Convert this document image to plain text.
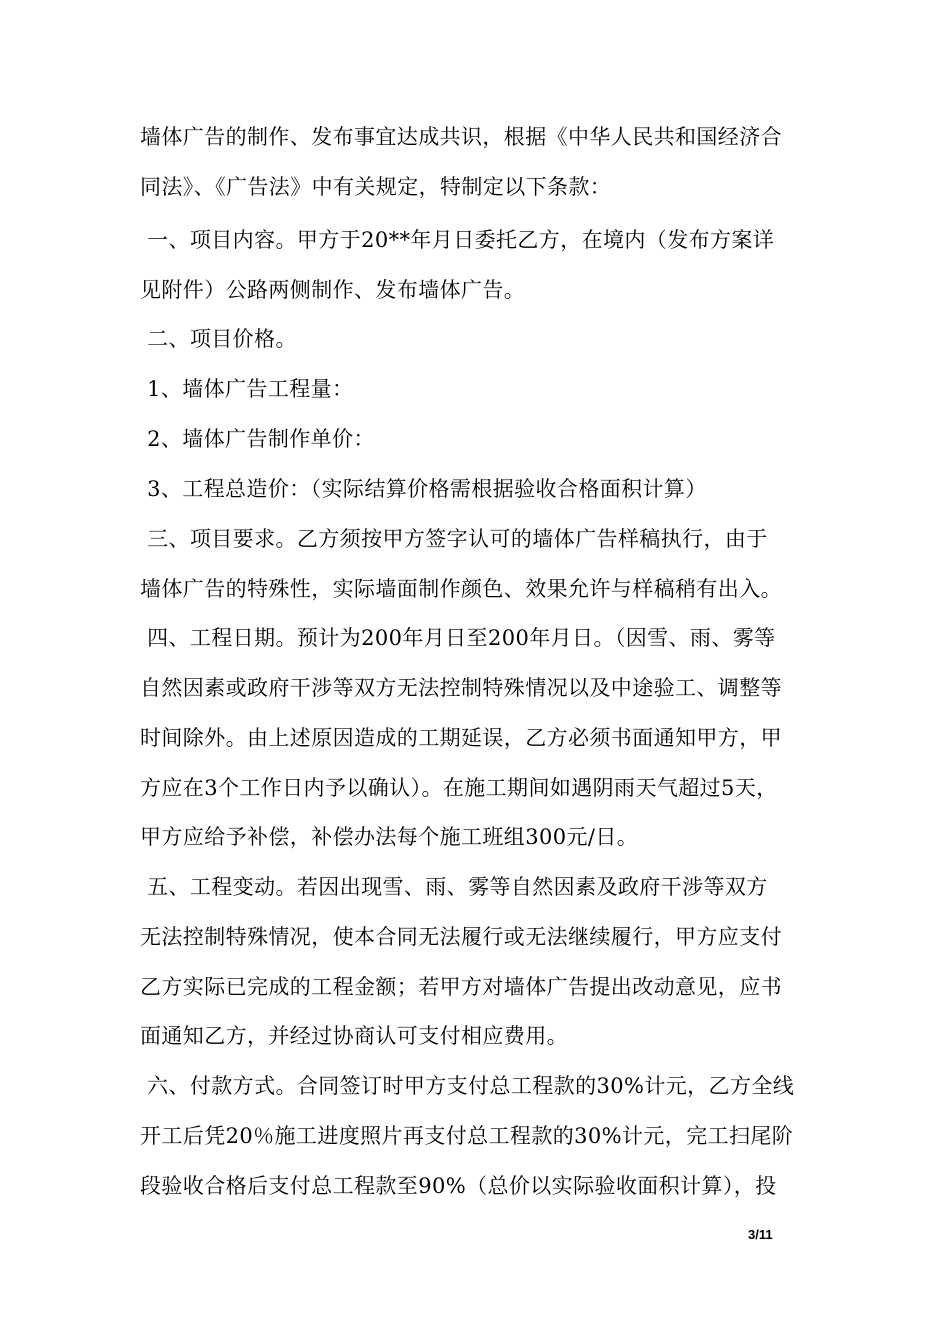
墙体广告的制作、发布事宜达成共识，根据《中华人民共和国经济合
同法》、《广告法》中有关规定，特制定以下条款：
一、项目内容。甲方于20**年月日委托乙方，在境内（发布方案详
见附件）公路两侧制作、发布墙体广告。
二、项目价格。
1、墙体广告工程量：
2、墙体广告制作单价：
3、工程总造价：（实际结算价格需根据验收合格面积计算）
三、项目要求。乙方须按甲方签字认可的墙体广告样稿执行，由于
墙体广告的特殊性，实际墙面制作颜色、效果允许与样稿稍有出入。
四、工程日期。预计为200年月日至200年月日。（因雪、雨、雾等
自然因素或政府干涉等双方无法控制特殊情况以及中途验工、调整等
时间除外。由上述原因造成的工期延误，乙方必须书面通知甲方，甲
方应在3个工作日内予以确认）。在施工期间如遇阴雨天气超过5天，
甲方应给予补偿，补偿办法每个施工班组300元/日。
五、工程变动。若因出现雪、雨、雾等自然因素及政府干涉等双方
无法控制特殊情况，使本合同无法履行或无法继续履行，甲方应支付
乙方实际已完成的工程金额；若甲方对墙体广告提出改动意见，应书
面通知乙方，并经过协商认可支付相应费用。
六、付款方式。合同签订时甲方支付总工程款的30%计元，乙方全线
开工后凭20％施工进度照片再支付总工程款的30%计元，完工扫尾阶
段验收合格后支付总工程款至90%（总价以实际验收面积计算），投
3/11
